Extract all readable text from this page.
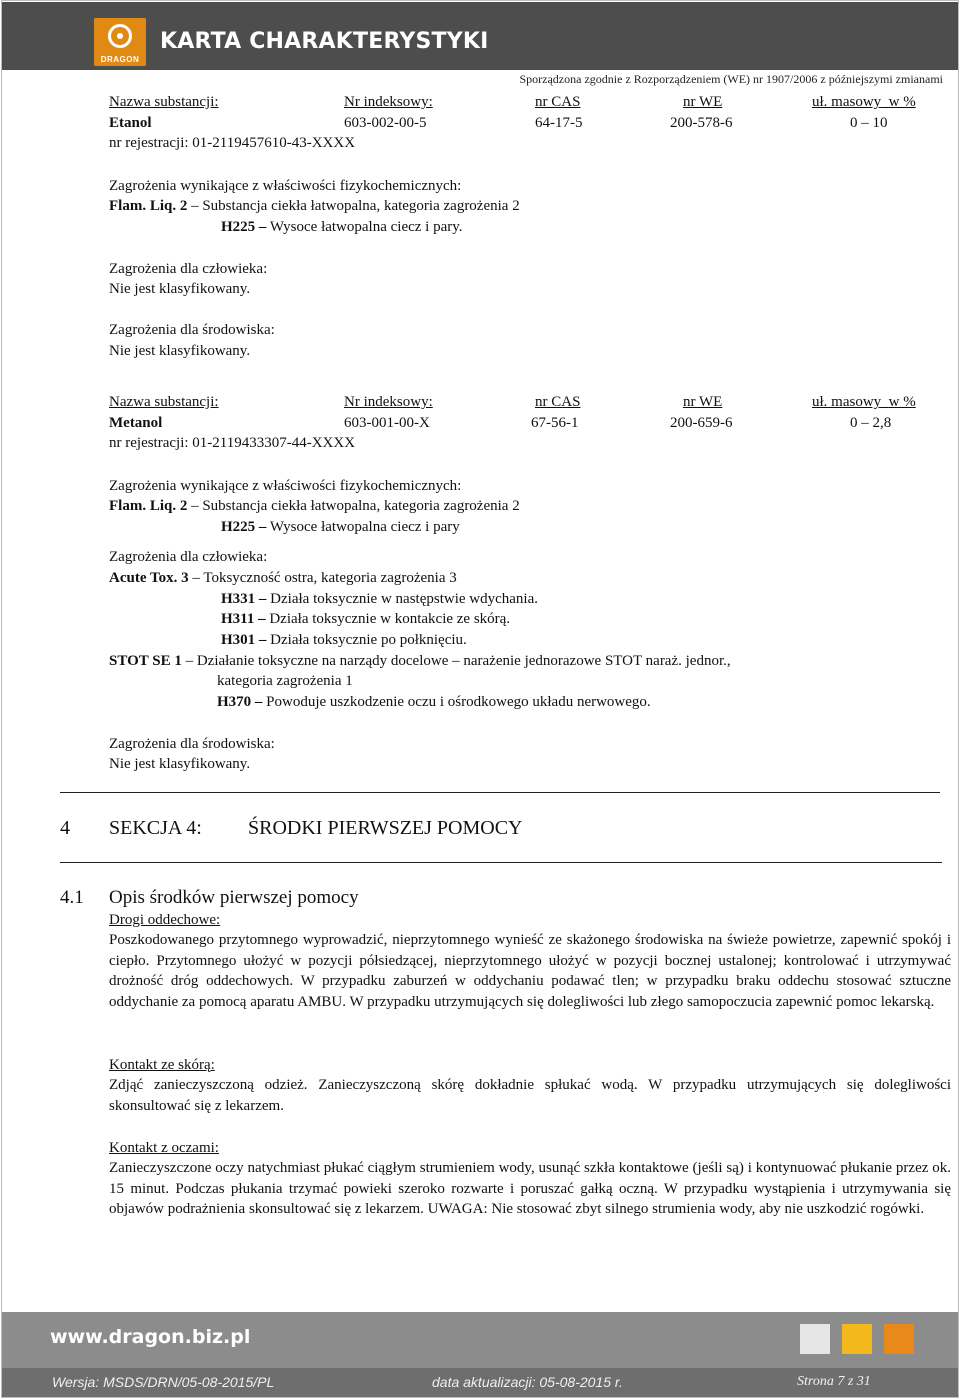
DRAGON
KARTA CHARAKTERYSTYKI
Sporządzona zgodnie z Rozporządzeniem (WE) nr 1907/2006 z późniejszymi zmianami
Nazwa substancji:	Nr indeksowy:	nr CAS	nr WE	uł. masowy w %
Etanol	603-002-00-5	64-17-5	200-578-6	0 – 10
nr rejestracji: 01-2119457610-43-XXXX
Zagrożenia wynikające z właściwości fizykochemicznych:
Flam. Liq. 2 – Substancja ciekła łatwopalna, kategoria zagrożenia 2
H225 – Wysoce łatwopalna ciecz i pary.
Zagrożenia dla człowieka:
Nie jest klasyfikowany.
Zagrożenia dla środowiska:
Nie jest klasyfikowany.
Nazwa substancji:	Nr indeksowy:	nr CAS	nr WE	uł. masowy w %
Metanol	603-001-00-X	67-56-1	200-659-6	0 – 2,8
nr rejestracji: 01-2119433307-44-XXXX
Zagrożenia wynikające z właściwości fizykochemicznych:
Flam. Liq. 2 – Substancja ciekła łatwopalna, kategoria zagrożenia 2
H225 – Wysoce łatwopalna ciecz i pary
Zagrożenia dla człowieka:
Acute Tox. 3 – Toksyczność ostra, kategoria zagrożenia 3
H331 – Działa toksycznie w następstwie wdychania.
H311 – Działa toksycznie w kontakcie ze skórą.
H301 – Działa toksycznie po połknięciu.
STOT SE 1 – Działanie toksyczne na narządy docelowe – narażenie jednorazowe STOT naraż. jednor.,
kategoria zagrożenia 1
H370 – Powoduje uszkodzenie oczu i ośrodkowego układu nerwowego.
Zagrożenia dla środowiska:
Nie jest klasyfikowany.
4 SEKCJA 4: ŚRODKI PIERWSZEJ POMOCY
4.1 Opis środków pierwszej pomocy
Drogi oddechowe:
Poszkodowanego przytomnego wyprowadzić, nieprzytomnego wynieść ze skażonego środowiska na świeże powietrze, zapewnić spokój i ciepło. Przytomnego ułożyć w pozycji półsiedzącej, nieprzytomnego ułożyć w pozycji bocznej ustalonej; kontrolować i utrzymywać drożność dróg oddechowych. W przypadku zaburzeń w oddychaniu podawać tlen; w przypadku braku oddechu stosować sztuczne oddychanie za pomocą aparatu AMBU. W przypadku utrzymujących się dolegliwości lub złego samopoczucia zapewnić pomoc lekarską.
Kontakt ze skórą:
Zdjąć zanieczyszczoną odzież. Zanieczyszczoną skórę dokładnie spłukać wodą. W przypadku utrzymujących się dolegliwości skonsultować się z lekarzem.
Kontakt z oczami:
Zanieczyszczone oczy natychmiast płukać ciągłym strumieniem wody, usunąć szkła kontaktowe (jeśli są) i kontynuować płukanie przez ok. 15 minut. Podczas płukania trzymać powieki szeroko rozwarte i poruszać gałką oczną. W przypadku wystąpienia i utrzymywania się objawów podrażnienia skonsultować się z lekarzem. UWAGA: Nie stosować zbyt silnego strumienia wody, aby nie uszkodzić rogówki.
www.dragon.biz.pl
Wersja: MSDS/DRN/05-08-2015/PL	data aktualizacji: 05-08-2015 r.	Strona 7 z 31
